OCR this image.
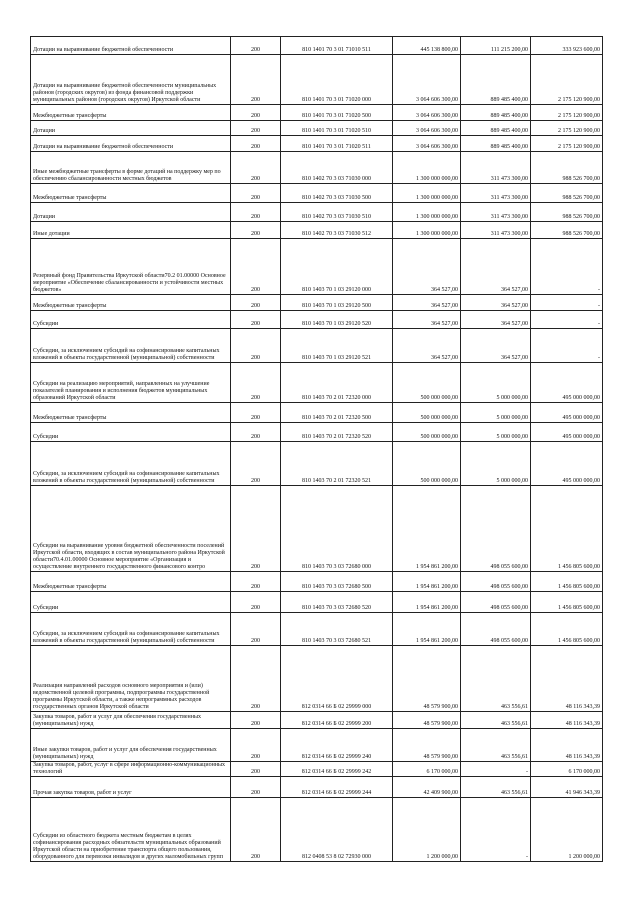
Дотации на выравнивание бюджетной обеспеченности	200	810 1401 70 3 01 71010 511	445 138 800,00	111 215 200,00	333 923 600,00
Дотации на выравнивание бюджетной обеспеченности муниципальных районов (городских округов) из фонда финансовой поддержки муниципальных районов (городских округов) Иркутской области	200	810 1401 70 3 01 71020 000	3 064 606 300,00	889 485 400,00	2 175 120 900,00
Межбюджетные трансферты	200	810 1401 70 3 01 71020 500	3 064 606 300,00	889 485 400,00	2 175 120 900,00
Дотации	200	810 1401 70 3 01 71020 510	3 064 606 300,00	889 485 400,00	2 175 120 900,00
Дотации на выравнивание бюджетной обеспеченности	200	810 1401 70 3 01 71020 511	3 064 606 300,00	889 485 400,00	2 175 120 900,00
Иные межбюджетные трансферты в форме дотаций на поддержку мер по обеспечению сбалансированности местных бюджетов	200	810 1402 70 3 03 71030 000	1 300 000 000,00	311 473 300,00	988 526 700,00
Межбюджетные трансферты	200	810 1402 70 3 03 71030 500	1 300 000 000,00	311 473 300,00	988 526 700,00
Дотации	200	810 1402 70 3 03 71030 510	1 300 000 000,00	311 473 300,00	988 526 700,00
Иные дотации	200	810 1402 70 3 03 71030 512	1 300 000 000,00	311 473 300,00	988 526 700,00
Резервный фонд Правительства Иркутской области70.2 01.00000 Основное мероприятие «Обеспечение сбалансированности и устойчивости местных бюджетов»	200	810 1403 70 1 03 29120 000	364 527,00	364 527,00	-
Межбюджетные трансферты	200	810 1403 70 1 03 29120 500	364 527,00	364 527,00	-
Субсидии	200	810 1403 70 1 03 29120 520	364 527,00	364 527,00	-
Субсидии, за исключением субсидий на софинансирование капитальных вложений в объекты государственной (муниципальной) собственности	200	810 1403 70 1 03 29120 521	364 527,00	364 527,00	-
Субсидии на реализацию мероприятий, направленных на улучшение показателей планирования и исполнения бюджетов муниципальных образований Иркутской области	200	810 1403 70 2 01 72320 000	500 000 000,00	5 000 000,00	495 000 000,00
Межбюджетные трансферты	200	810 1403 70 2 01 72320 500	500 000 000,00	5 000 000,00	495 000 000,00
Субсидии	200	810 1403 70 2 01 72320 520	500 000 000,00	5 000 000,00	495 000 000,00
Субсидии, за исключением субсидий на софинансирование капитальных вложений в объекты государственной (муниципальной) собственности	200	810 1403 70 2 01 72320 521	500 000 000,00	5 000 000,00	495 000 000,00
Субсидии на выравнивание уровня бюджетной обеспеченности поселений Иркутской области, входящих в состав муниципального района Иркутской области70.4.01.00000 Основное мероприятие «Организация и осуществление внутреннего государственного финансового контро	200	810 1403 70 3 03 72680 000	1 954 861 200,00	498 055 600,00	1 456 805 600,00
Межбюджетные трансферты	200	810 1403 70 3 03 72680 500	1 954 861 200,00	498 055 600,00	1 456 805 600,00
Субсидии	200	810 1403 70 3 03 72680 520	1 954 861 200,00	498 055 600,00	1 456 805 600,00
Субсидии, за исключением субсидий на софинансирование капитальных вложений в объекты государственной (муниципальной) собственности	200	810 1403 70 3 03 72680 521	1 954 861 200,00	498 055 600,00	1 456 805 600,00
Реализация направлений расходов основного мероприятия и (или) ведомственной целевой программы, подпрограммы государственной программы Иркутской области, а также непрограммных расходов государственных органов Иркутской области	200	812 0314 66 Б 02 29999 000	48 579 900,00	463 556,61	48 116 343,39
Закупка товаров, работ и услуг для обеспечения государственных (муниципальных) нужд	200	812 0314 66 Б 02 29999 200	48 579 900,00	463 556,61	48 116 343,39
Иные закупки товаров, работ и услуг для обеспечения государственных (муниципальных) нужд	200	812 0314 66 Б 02 29999 240	48 579 900,00	463 556,61	48 116 343,39
Закупка товаров, работ, услуг в сфере информационно-коммуникационных технологий	200	812 0314 66 Б 02 29999 242	6 170 000,00	-	6 170 000,00
Прочая закупка товаров, работ и услуг	200	812 0314 66 Б 02 29999 244	42 409 900,00	463 556,61	41 946 343,39
Субсидии из областного бюджета местным бюджетам в целях софинансирования расходных обязательств муниципальных образований Иркутской области на приобретение транспорта общего пользования, оборудованного для перевозки инвалидов и других маломобильных групп	200	812 0408 53 8 02 72930 000	1 200 000,00	-	1 200 000,00
